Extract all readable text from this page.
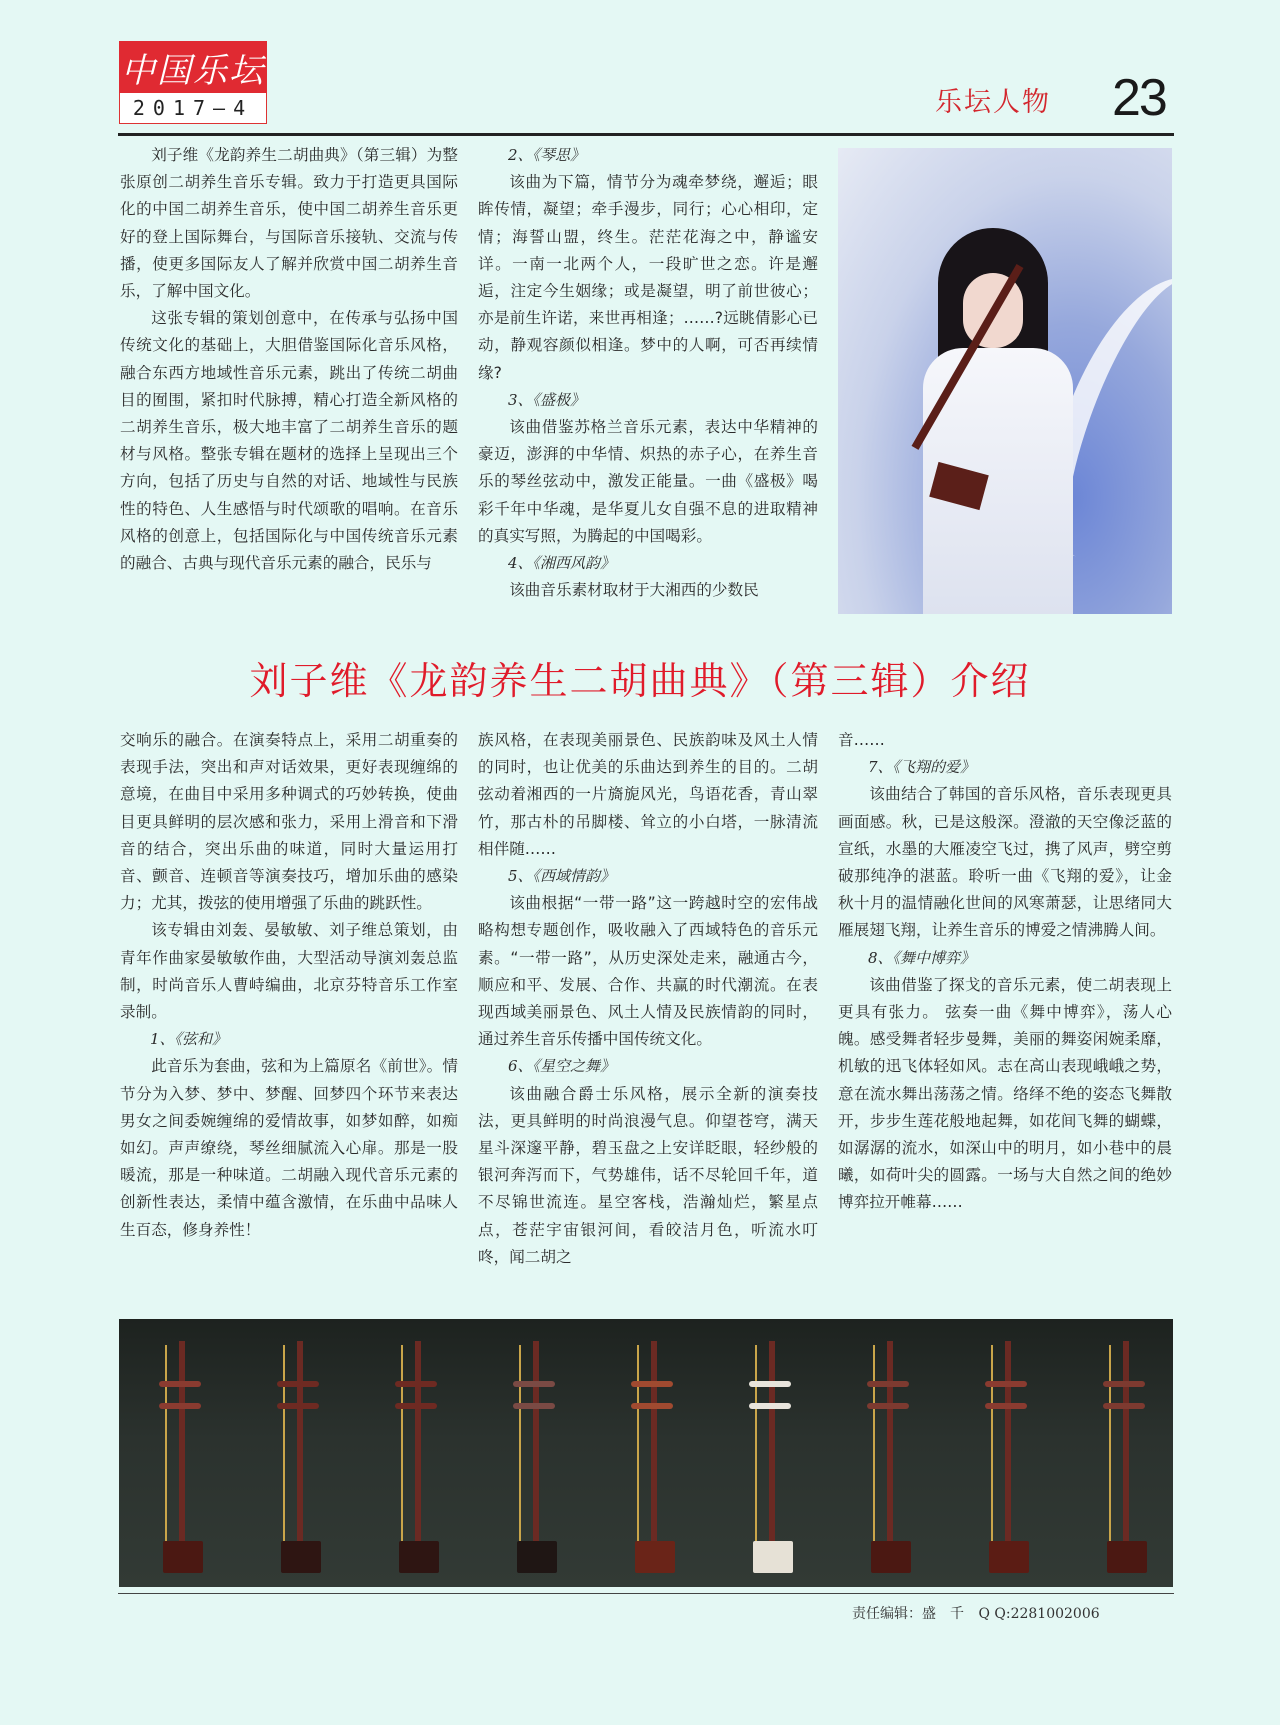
中国乐坛
2017—4	乐坛人物 23

刘子维《龙韵养生二胡曲典》（第三辑）为整张原创二胡养生音乐专辑。致力于打造更具国际化的中国二胡养生音乐，使中国二胡养生音乐更好的登上国际舞台，与国际音乐接轨、交流与传播，使更多国际友人了解并欣赏中国二胡养生音乐，了解中国文化。

这张专辑的策划创意中，在传承与弘扬中国传统文化的基础上，大胆借鉴国际化音乐风格，融合东西方地域性音乐元素，跳出了传统二胡曲目的囿围，紧扣时代脉搏，精心打造全新风格的二胡养生音乐，极大地丰富了二胡养生音乐的题材与风格。整张专辑在题材的选择上呈现出三个方向，包括了历史与自然的对话、地域性与民族性的特色、人生感悟与时代颂歌的唱响。在音乐风格的创意上，包括国际化与中国传统音乐元素的融合、古典与现代音乐元素的融合，民乐与

2、《琴思》

该曲为下篇，情节分为魂牵梦绕，邂逅；眼眸传情，凝望；牵手漫步，同行；心心相印，定情；海誓山盟，终生。茫茫花海之中，静谧安详。一南一北两个人，一段旷世之恋。许是邂逅，注定今生姻缘；或是凝望，明了前世彼心；亦是前生许诺，来世再相逢；……?远眺倩影心已动，静观容颜似相逢。梦中的人啊，可否再续情缘?

3、《盛极》

该曲借鉴苏格兰音乐元素，表达中华精神的豪迈，澎湃的中华情、炽热的赤子心，在养生音乐的琴丝弦动中，激发正能量。一曲《盛极》喝彩千年中华魂，是华夏儿女自强不息的进取精神的真实写照，为腾起的中国喝彩。

4、《湘西风韵》

该曲音乐素材取材于大湘西的少数民

刘子维《龙韵养生二胡曲典》（第三辑）介绍

交响乐的融合。在演奏特点上，采用二胡重奏的表现手法，突出和声对话效果，更好表现缠绵的意境，在曲目中采用多种调式的巧妙转换，使曲目更具鲜明的层次感和张力，采用上滑音和下滑音的结合，突出乐曲的味道，同时大量运用打音、颤音、连顿音等演奏技巧，增加乐曲的感染力；尤其，拨弦的使用增强了乐曲的跳跃性。

该专辑由刘轰、晏敏敏、刘子维总策划，由青年作曲家晏敏敏作曲，大型活动导演刘轰总监制，时尚音乐人曹峙编曲，北京芬特音乐工作室录制。

1、《弦和》

此音乐为套曲，弦和为上篇原名《前世》。情节分为入梦、梦中、梦醒、回梦四个环节来表达男女之间委婉缠绵的爱情故事，如梦如醉，如痴如幻。声声缭绕，琴丝细腻流入心扉。那是一股暖流，那是一种味道。二胡融入现代音乐元素的创新性表达，柔情中蕴含激情，在乐曲中品味人生百态，修身养性！

族风格，在表现美丽景色、民族韵味及风土人情的同时，也让优美的乐曲达到养生的目的。二胡弦动着湘西的一片旖旎风光，鸟语花香，青山翠竹，那古朴的吊脚楼、耸立的小白塔，一脉清流相伴随……

5、《西域情韵》

该曲根据“一带一路”这一跨越时空的宏伟战略构想专题创作，吸收融入了西域特色的音乐元素。“一带一路”，从历史深处走来，融通古今，顺应和平、发展、合作、共赢的时代潮流。在表现西域美丽景色、风土人情及民族情韵的同时，通过养生音乐传播中国传统文化。

6、《星空之舞》

该曲融合爵士乐风格，展示全新的演奏技法，更具鲜明的时尚浪漫气息。仰望苍穹，满天星斗深邃平静，碧玉盘之上安详眨眼，轻纱般的银河奔泻而下，气势雄伟，话不尽轮回千年，道不尽锦世流连。星空客栈，浩瀚灿烂，繁星点点，苍茫宇宙银河间，看皎洁月色，听流水叮咚，闻二胡之

音……

7、《飞翔的爱》

该曲结合了韩国的音乐风格，音乐表现更具画面感。秋，已是这般深。澄澈的天空像泛蓝的宣纸，水墨的大雁凌空飞过，携了风声，劈空剪破那纯净的湛蓝。聆听一曲《飞翔的爱》，让金秋十月的温情融化世间的风寒萧瑟，让思绪同大雁展翅飞翔，让养生音乐的博爱之情沸腾人间。

8、《舞中博弈》

该曲借鉴了探戈的音乐元素，使二胡表现上更具有张力。 弦奏一曲《舞中博弈》，荡人心魄。感受舞者轻步曼舞，美丽的舞姿闲婉柔靡，机敏的迅飞体轻如风。志在高山表现峨峨之势，意在流水舞出荡荡之情。络绎不绝的姿态飞舞散开，步步生莲花般地起舞，如花间飞舞的蝴蝶，如潺潺的流水，如深山中的明月，如小巷中的晨曦，如荷叶尖的圆露。一场与大自然之间的绝妙博弈拉开帷幕……

责任编辑：盛　千 Q Q:2281002006
